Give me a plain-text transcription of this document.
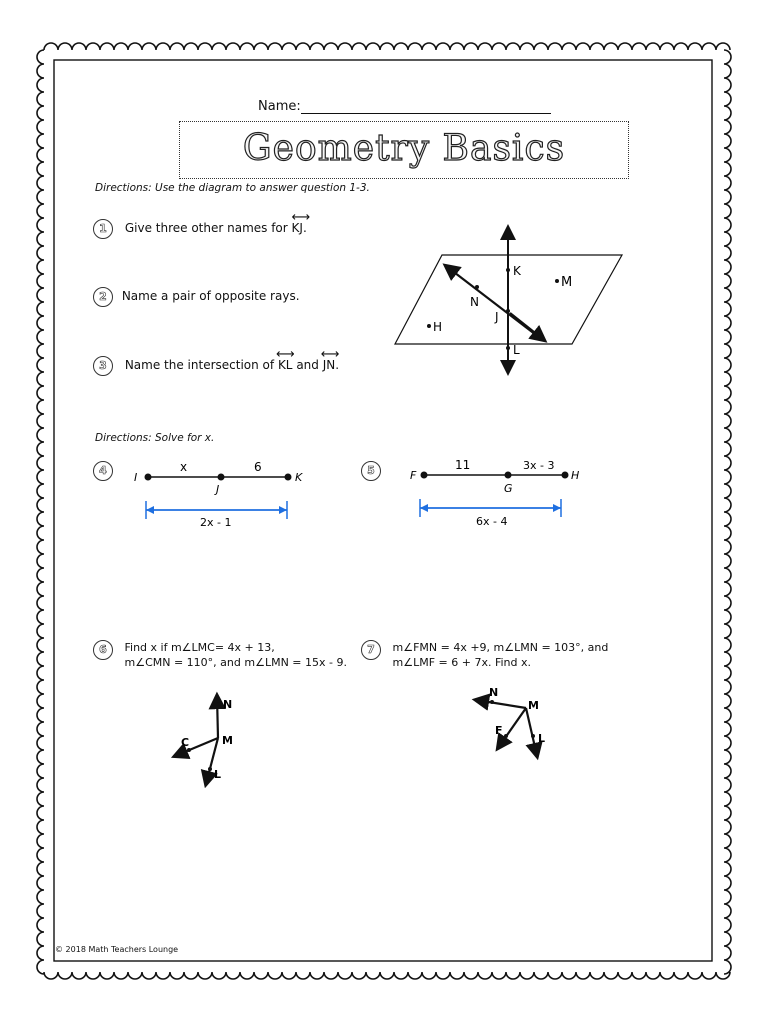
Name:
Geometry Basics
Directions: Use the diagram to answer question 1-3.
1 Give three other names for
⟷
KJ.
2 Name a pair of opposite rays.
3 Name the intersection of
⟷
KL and
⟷
JN.
K
M
N
J
H
L
Directions: Solve for x.
4
I
J
K
x	6
2x - 1
5	F
G
H
11	3x - 3
6x - 4
6 Find x if m∠LMC= 4x + 13,
m∠CMN = 110°, and m∠LMN = 15x - 9.
N
C	M
L
7 m∠FMN = 4x +9, m∠LMN = 103°, and
m∠LMF = 6 + 7x. Find x.
N
M
F
L
© 2018 Math Teachers Lounge
